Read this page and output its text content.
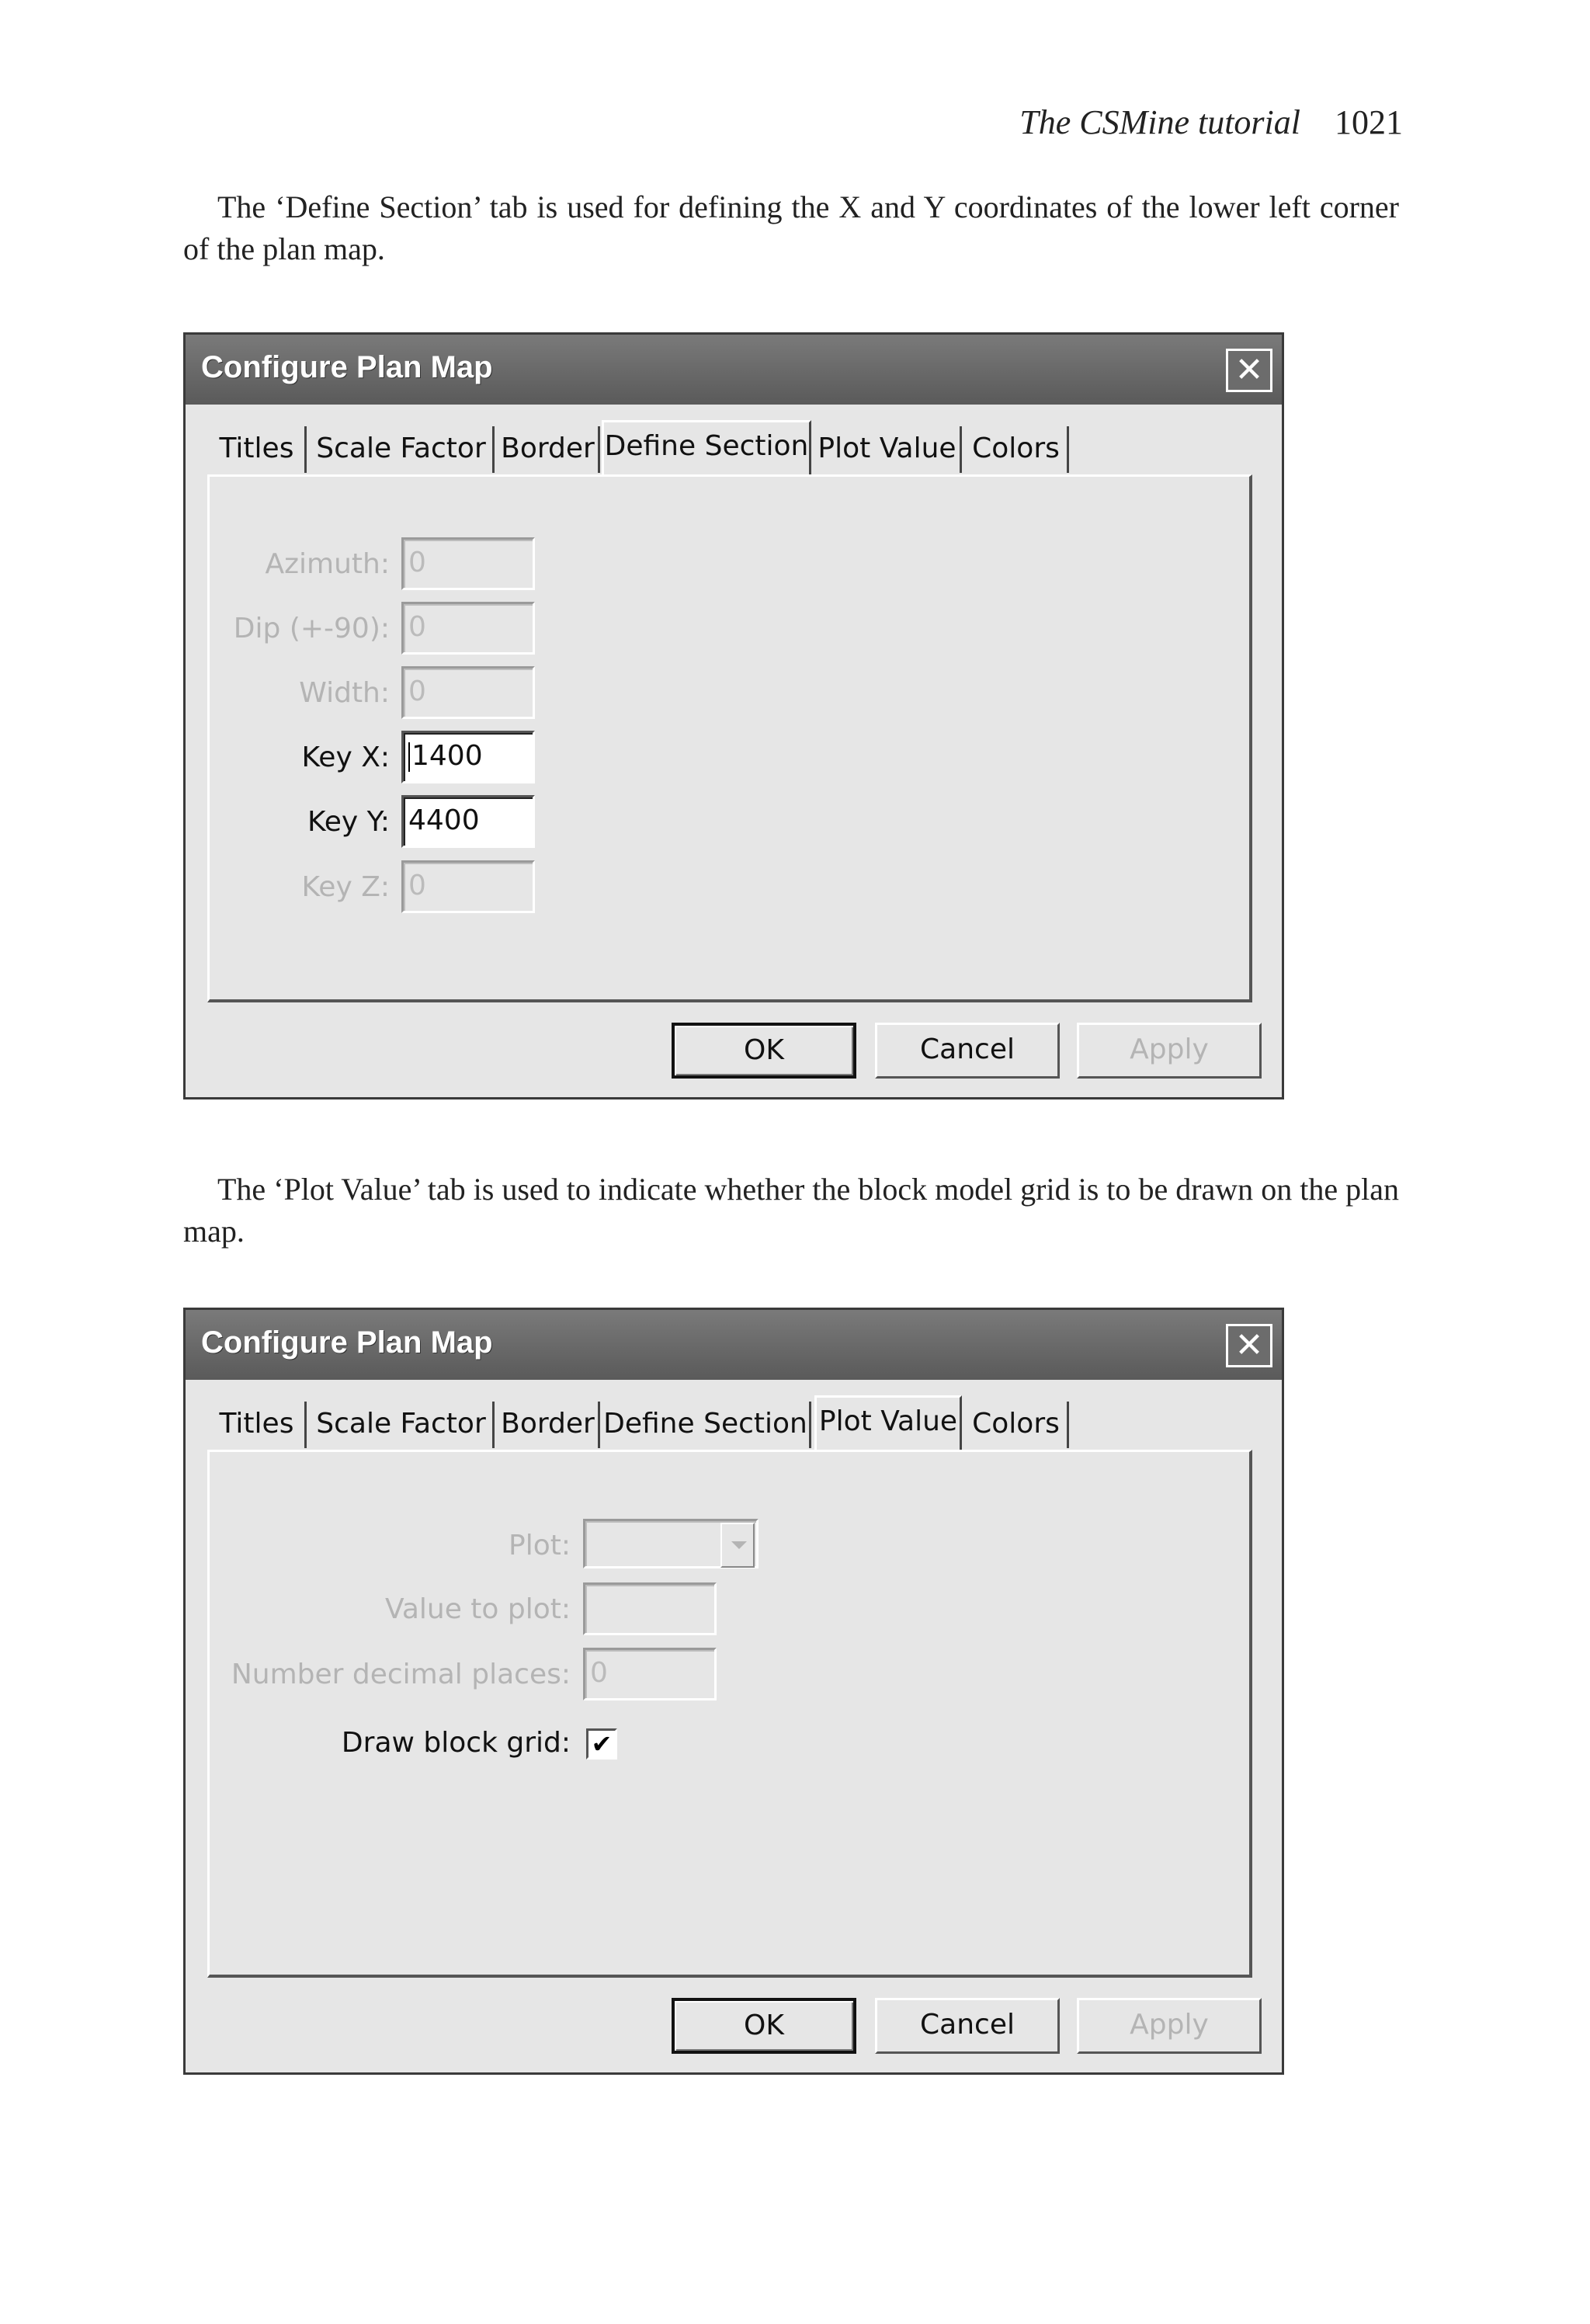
The CSMine tutorial 1021

The ‘Define Section’ tab is used for defining the X and Y coordinates of the lower left corner of the plan map.

Configure Plan Map	✕
Titles Scale Factor Border Define Section Plot Value Colors
Azimuth: 0
Dip (+-90): 0
Width: 0
Key X: 1400
Key Y: 4400
Key Z: 0
OK	Cancel	Apply

The ‘Plot Value’ tab is used to indicate whether the block model grid is to be drawn on the plan map.

Configure Plan Map	✕
Titles Scale Factor Border Define Section Plot Value Colors
Plot:
Value to plot:
Number decimal places: 0
Draw block grid: ✔
OK	Cancel	Apply
